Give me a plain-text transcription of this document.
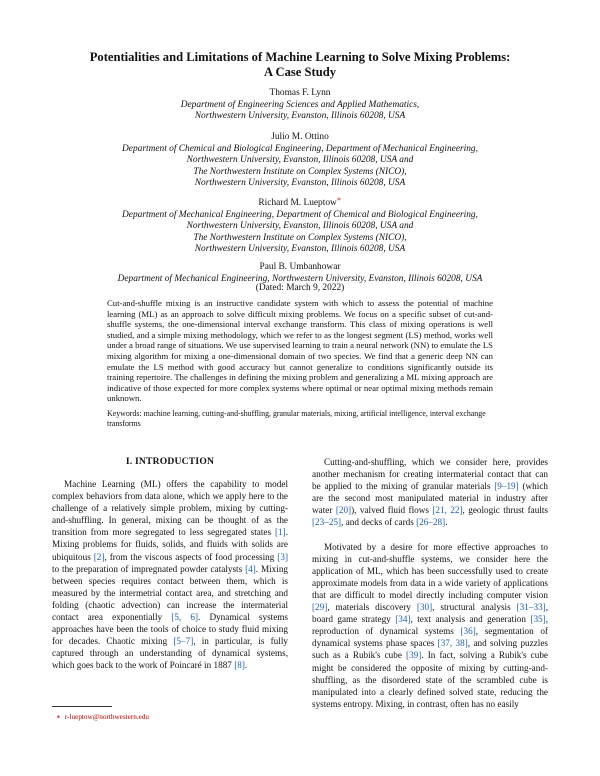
Potentialities and Limitations of Machine Learning to Solve Mixing Problems:
A Case Study
Thomas F. Lynn
Department of Engineering Sciences and Applied Mathematics,
Northwestern University, Evanston, Illinois 60208, USA
Julio M. Ottino
Department of Chemical and Biological Engineering, Department of Mechanical Engineering,
Northwestern University, Evanston, Illinois 60208, USA and
The Northwestern Institute on Complex Systems (NICO),
Northwestern University, Evanston, Illinois 60208, USA
Richard M. Lueptow∗
Department of Mechanical Engineering, Department of Chemical and Biological Engineering,
Northwestern University, Evanston, Illinois 60208, USA and
The Northwestern Institute on Complex Systems (NICO),
Northwestern University, Evanston, Illinois 60208, USA
Paul B. Umbanhowar
Department of Mechanical Engineering, Northwestern University, Evanston, Illinois 60208, USA
(Dated: March 9, 2022)
Cut-and-shuffle mixing is an instructive candidate system with which to assess the potential of machine learning (ML) as an approach to solve difficult mixing problems. We focus on a specific subset of cut-and-shuffle systems, the one-dimensional interval exchange transform. This class of mixing operations is well studied, and a simple mixing methodology, which we refer to as the longest segment (LS) method, works well under a broad range of situations. We use supervised learning to train a neural network (NN) to emulate the LS mixing algorithm for mixing a one-dimensional domain of two species. We find that a generic deep NN can emulate the LS method with good accuracy but cannot generalize to conditions significantly outside its training repertoire. The challenges in defining the mixing problem and generalizing a ML mixing approach are indicative of those expected for more complex systems where optimal or near optimal mixing methods remain unknown.
Keywords: machine learning, cutting-and-shuffling, granular materials, mixing, artificial intelligence, interval exchange transforms
I. INTRODUCTION

Machine Learning (ML) offers the capability to model complex behaviors from data alone, which we apply here to the challenge of a relatively simple problem, mixing by cutting-and-shuffling. In general, mixing can be thought of as the transition from more segregated to less segregated states [1]. Mixing problems for fluids, solids, and fluids with solids are ubiquitous [2], from the viscous aspects of food processing [3] to the preparation of impregnated powder catalysts [4]. Mixing between species requires contact between them, which is measured by the intermetrial contact area, and stretching and folding (chaotic advection) can increase the intermaterial contact area exponentially [5, 6]. Dynamical systems approaches have been the tools of choice to study fluid mixing for decades. Chaotic mixing [5–7], in particular, is fully captured through an understanding of dynamical systems, which goes back to the work of Poincaré in 1887 [8].

Cutting-and-shuffling, which we consider here, provides another mechanism for creating intermaterial contact that can be applied to the mixing of granular materials [9–19] (which are the second most manipulated material in industry after water [20]), valved fluid flows [21, 22], geologic thrust faults [23–25], and decks of cards [26–28].

Motivated by a desire for more effective approaches to mixing in cut-and-shuffle systems, we consider here the application of ML, which has been successfully used to create approximate models from data in a wide variety of applications that are difficult to model directly including computer vision [29], materials discovery [30], structural analysis [31–33], board game strategy [34], text analysis and generation [35], reproduction of dynamical systems [36], segmentation of dynamical systems phase spaces [37, 38], and solving puzzles such as a Rubik's cube [39]. In fact, solving a Rubik's cube might be considered the opposite of mixing by cutting-and-shuffling, as the disordered state of the scrambled cube is manipulated into a clearly defined solved state, reducing the systems entropy. Mixing, in contrast, often has no easily

∗ r-lueptow@northwestern.edu
